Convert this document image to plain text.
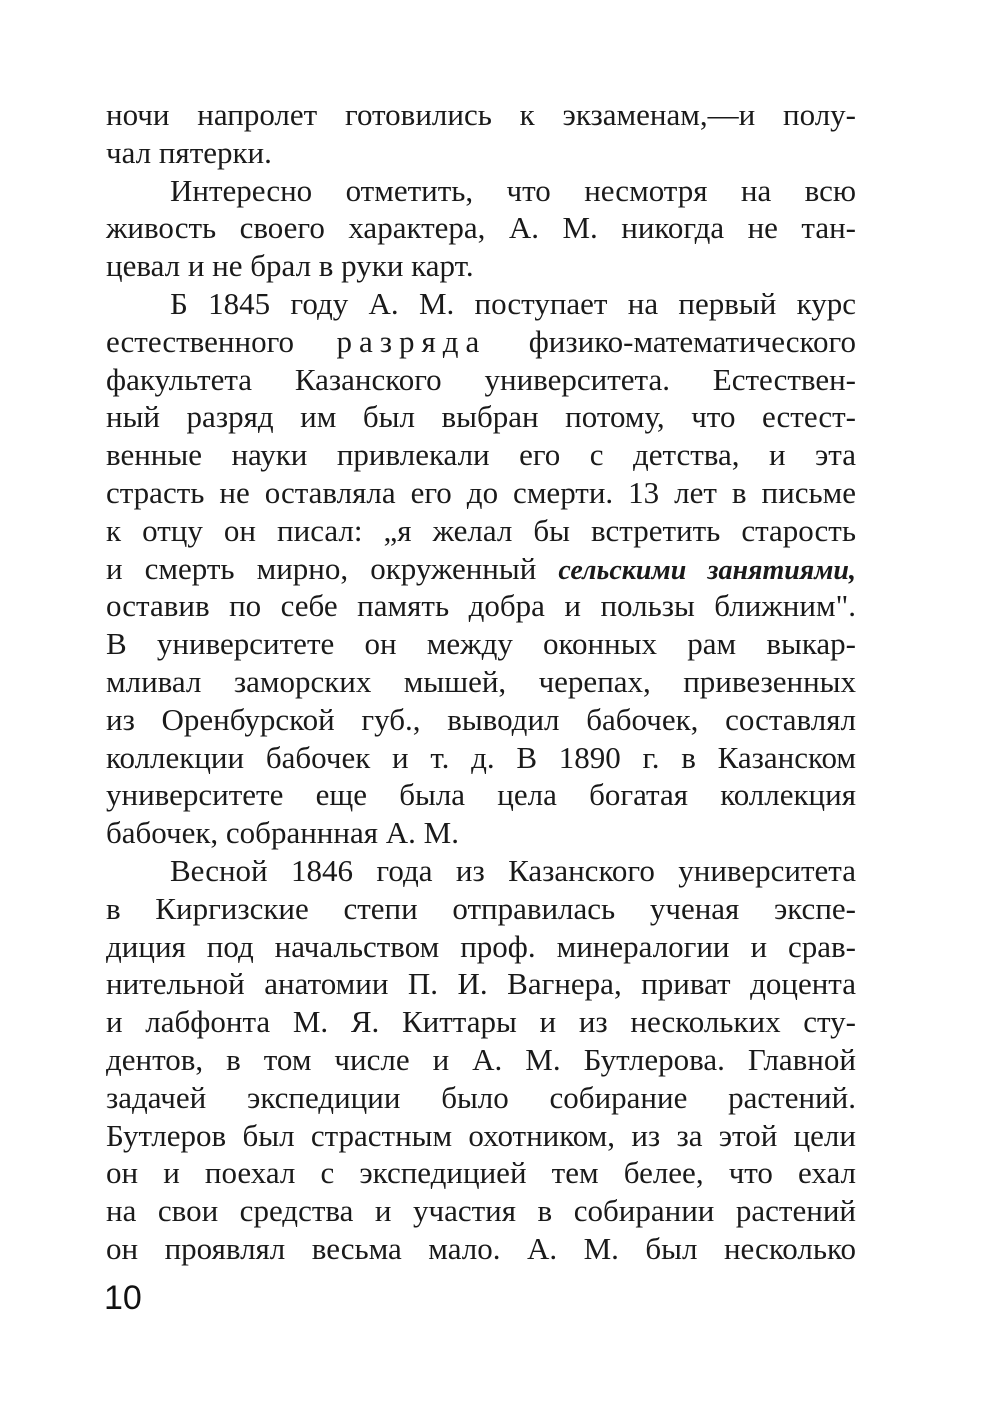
ночи напролет готовились к экзаменам,—и полу-
чал пятерки.
Интересно отметить, что несмотря на всю
живость своего характера, А. М. никогда не тан-
цевал и не брал в руки карт.
Б 1845 году А. М. поступает на первый курс
естественного разряда физико-математического
факультета Казанского университета. Естествен-
ный разряд им был выбран потому, что естест-
венные науки привлекали его с детства, и эта
страсть не оставляла его до смерти. 13 лет в письме
к отцу он писал: „я желал бы встретить старость
и смерть мирно, окруженный сельскими занятиями,
оставив по себе память добра и пользы ближним".
В университете он между оконных рам выкар-
мливал заморских мышей, черепах, привезенных
из Оренбурской губ., выводил бабочек, составлял
коллекции бабочек и т. д. В 1890 г. в Казанском
университете еще была цела богатая коллекция
бабочек, собраннная А. М.
Весной 1846 года из Казанского университета
в Киргизские степи отправилась ученая экспе-
диция под начальством проф. минералогии и срав-
нительной анатомии П. И. Вагнера, приват доцента
и лабфонта М. Я. Киттары и из нескольких сту-
дентов, в том числе и А. М. Бутлерова. Главной
задачей экспедиции было собирание растений.
Бутлеров был страстным охотником, из за этой цели
он и поехал с экспедицией тем белее, что ехал
на свои средства и участия в собирании растений
он проявлял весьма мало. А. М. был несколько
10
